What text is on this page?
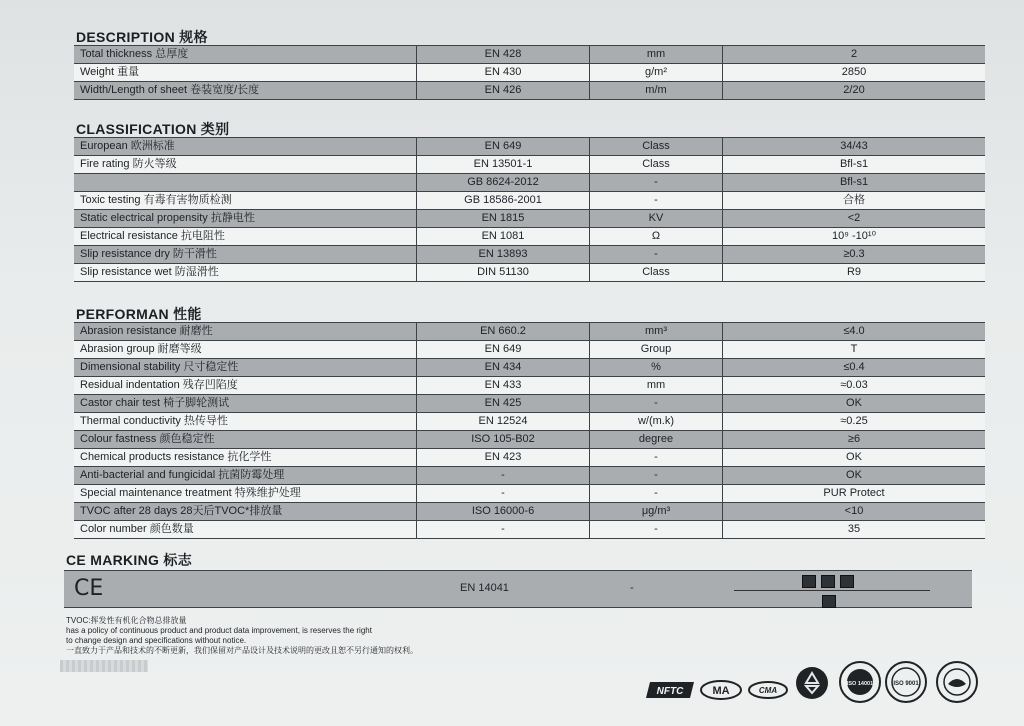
DESCRIPTION 规格
Total thickness 总厚度	EN 428	mm	2
Weight 重量	EN 430	g/m²	2850
Width/Length of sheet 卷装宽度/长度	EN 426	m/m	2/20
CLASSIFICATION 类别
European 欧洲标准	EN 649	Class	34/43
Fire rating 防火等级	EN 13501-1	Class	Bfl-s1
	GB 8624-2012	-	Bfl-s1
Toxic testing 有毒有害物质检测	GB 18586-2001	-	合格
Static electrical propensity 抗静电性	EN 1815	KV	<2
Electrical resistance 抗电阻性	EN 1081	Ω	10⁹ -10¹⁰
Slip resistance dry 防干滑性	EN 13893	-	≥0.3
Slip resistance wet 防湿滑性	DIN 51130	Class	R9
PERFORMAN 性能
Abrasion resistance 耐磨性	EN 660.2	mm³	≤4.0
Abrasion group 耐磨等级	EN 649	Group	T
Dimensional stability 尺寸稳定性	EN 434	%	≤0.4
Residual indentation 残存凹陷度	EN 433	mm	≈0.03
Castor chair test 椅子脚轮测试	EN 425	-	OK
Thermal conductivity 热传导性	EN 12524	w/(m.k)	≈0.25
Colour fastness 颜色稳定性	ISO 105-B02	degree	≥6
Chemical products resistance 抗化学性	EN 423	-	OK
Anti-bacterial and fungicidal 抗菌防霉处理	-	-	OK
Special maintenance treatment 特殊维护处理	-	-	PUR Protect
TVOC after 28 days 28天后TVOC*排放量	ISO 16000-6	μg/m³	<10
Color number 颜色数量	-	-	35
CE MARKING 标志
CE	EN 14041	-

TVOC:挥发性有机化合物总排放量
has a policy of continuous product and product data improvement, is reserves the right
to change design and specifications without notice.
一直致力于产品和技术的不断更新，我们保留对产品设计及技术说明的更改且恕不另行通知的权利。
NFTC	MA	CMA
ISO 14001	ISO 9001
